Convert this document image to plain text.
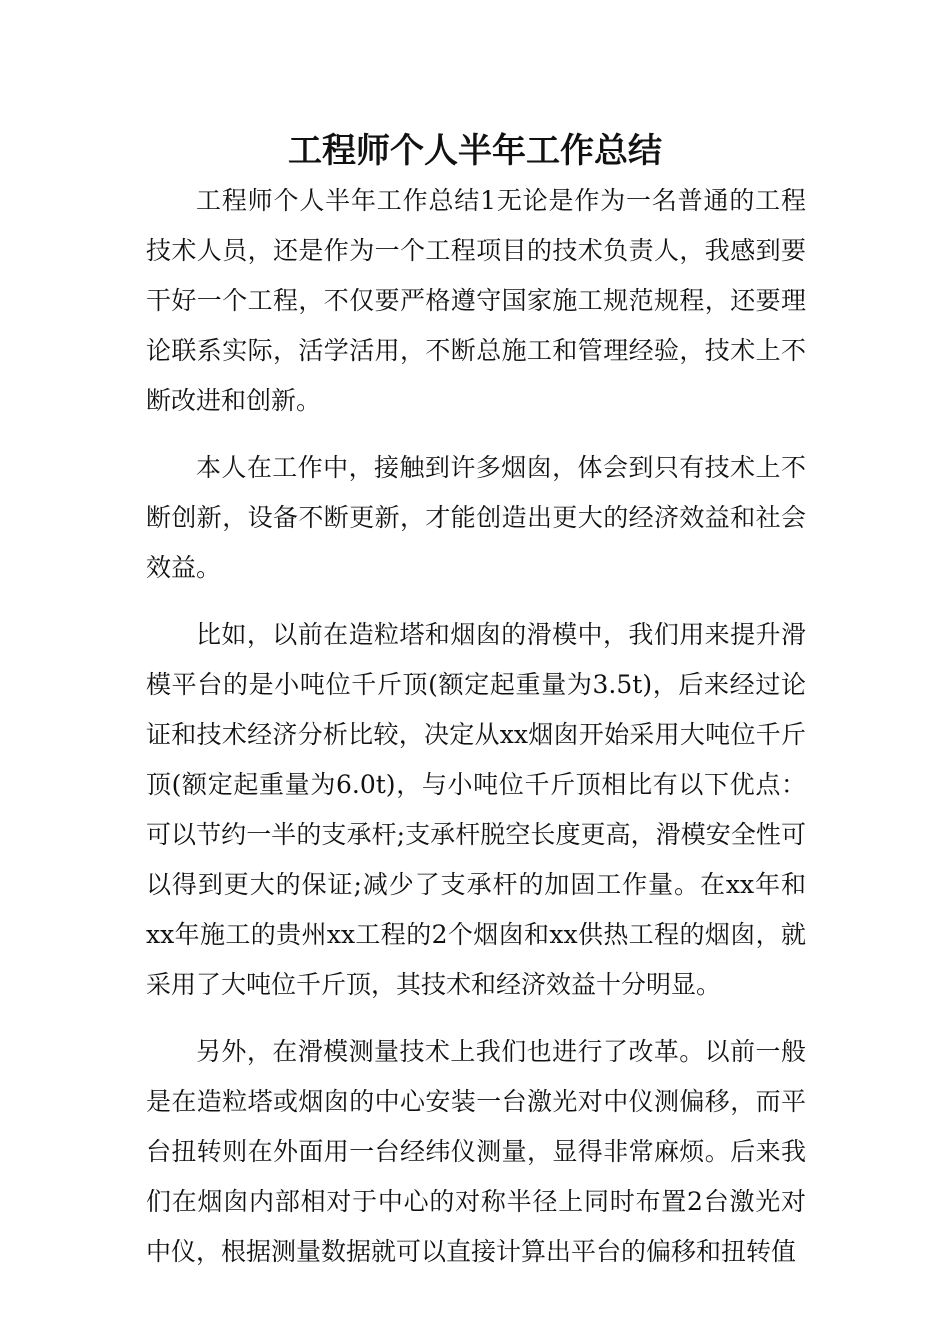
工程师个人半年工作总结

工程师个人半年工作总结1无论是作为一名普通的工程技术人员，还是作为一个工程项目的技术负责人，我感到要干好一个工程，不仅要严格遵守国家施工规范规程，还要理论联系实际，活学活用，不断总施工和管理经验，技术上不断改进和创新。

本人在工作中，接触到许多烟囱，体会到只有技术上不断创新，设备不断更新，才能创造出更大的经济效益和社会效益。

比如，以前在造粒塔和烟囱的滑模中，我们用来提升滑模平台的是小吨位千斤顶(额定起重量为3.5t)，后来经过论证和技术经济分析比较，决定从xx烟囱开始采用大吨位千斤顶(额定起重量为6.0t)，与小吨位千斤顶相比有以下优点：可以节约一半的支承杆;支承杆脱空长度更高，滑模安全性可以得到更大的保证;减少了支承杆的加固工作量。在xx年和xx年施工的贵州xx工程的2个烟囱和xx供热工程的烟囱，就采用了大吨位千斤顶，其技术和经济效益十分明显。

另外，在滑模测量技术上我们也进行了改革。以前一般是在造粒塔或烟囱的中心安装一台激光对中仪测偏移，而平台扭转则在外面用一台经纬仪测量，显得非常麻烦。后来我们在烟囱内部相对于中心的对称半径上同时布置2台激光对中仪，根据测量数据就可以直接计算出平台的偏移和扭转值
